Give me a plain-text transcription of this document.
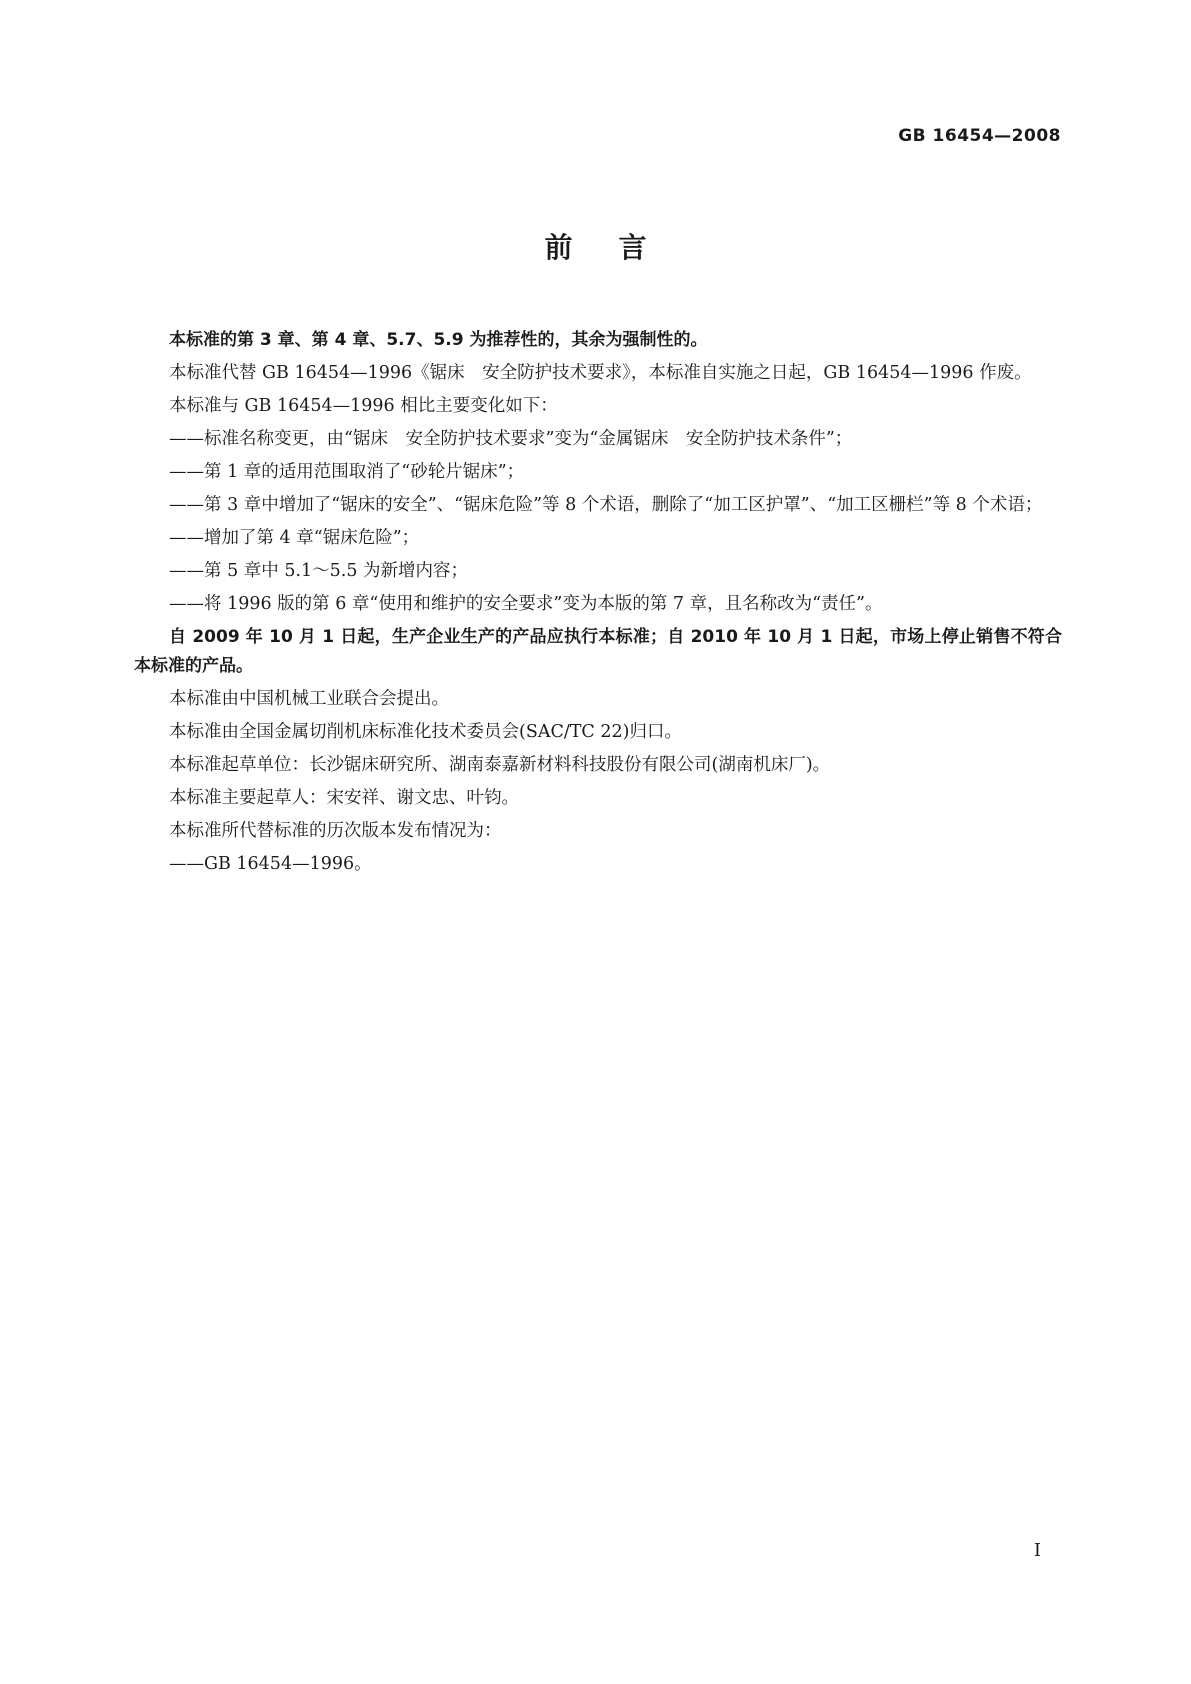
GB 16454—2008
前言

本标准的第 3 章、第 4 章、5.7、5.9 为推荐性的，其余为强制性的。

本标准代替 GB 16454—1996《锯床　安全防护技术要求》，本标准自实施之日起，GB 16454—1996 作废。

本标准与 GB 16454—1996 相比主要变化如下：

——标准名称变更，由“锯床　安全防护技术要求”变为“金属锯床　安全防护技术条件”；

——第 1 章的适用范围取消了“砂轮片锯床”；

——第 3 章中增加了“锯床的安全”、“锯床危险”等 8 个术语，删除了“加工区护罩”、“加工区栅栏”等 8 个术语；

——增加了第 4 章“锯床危险”；

——第 5 章中 5.1～5.5 为新增内容；

——将 1996 版的第 6 章“使用和维护的安全要求”变为本版的第 7 章，且名称改为“责任”。

自 2009 年 10 月 1 日起，生产企业生产的产品应执行本标准；自 2010 年 10 月 1 日起，市场上停止销售不符合本标准的产品。

本标准由中国机械工业联合会提出。

本标准由全国金属切削机床标准化技术委员会(SAC/TC 22)归口。

本标准起草单位：长沙锯床研究所、湖南泰嘉新材料科技股份有限公司(湖南机床厂)。

本标准主要起草人：宋安祥、谢文忠、叶钧。

本标准所代替标准的历次版本发布情况为：

——GB 16454—1996。

I
